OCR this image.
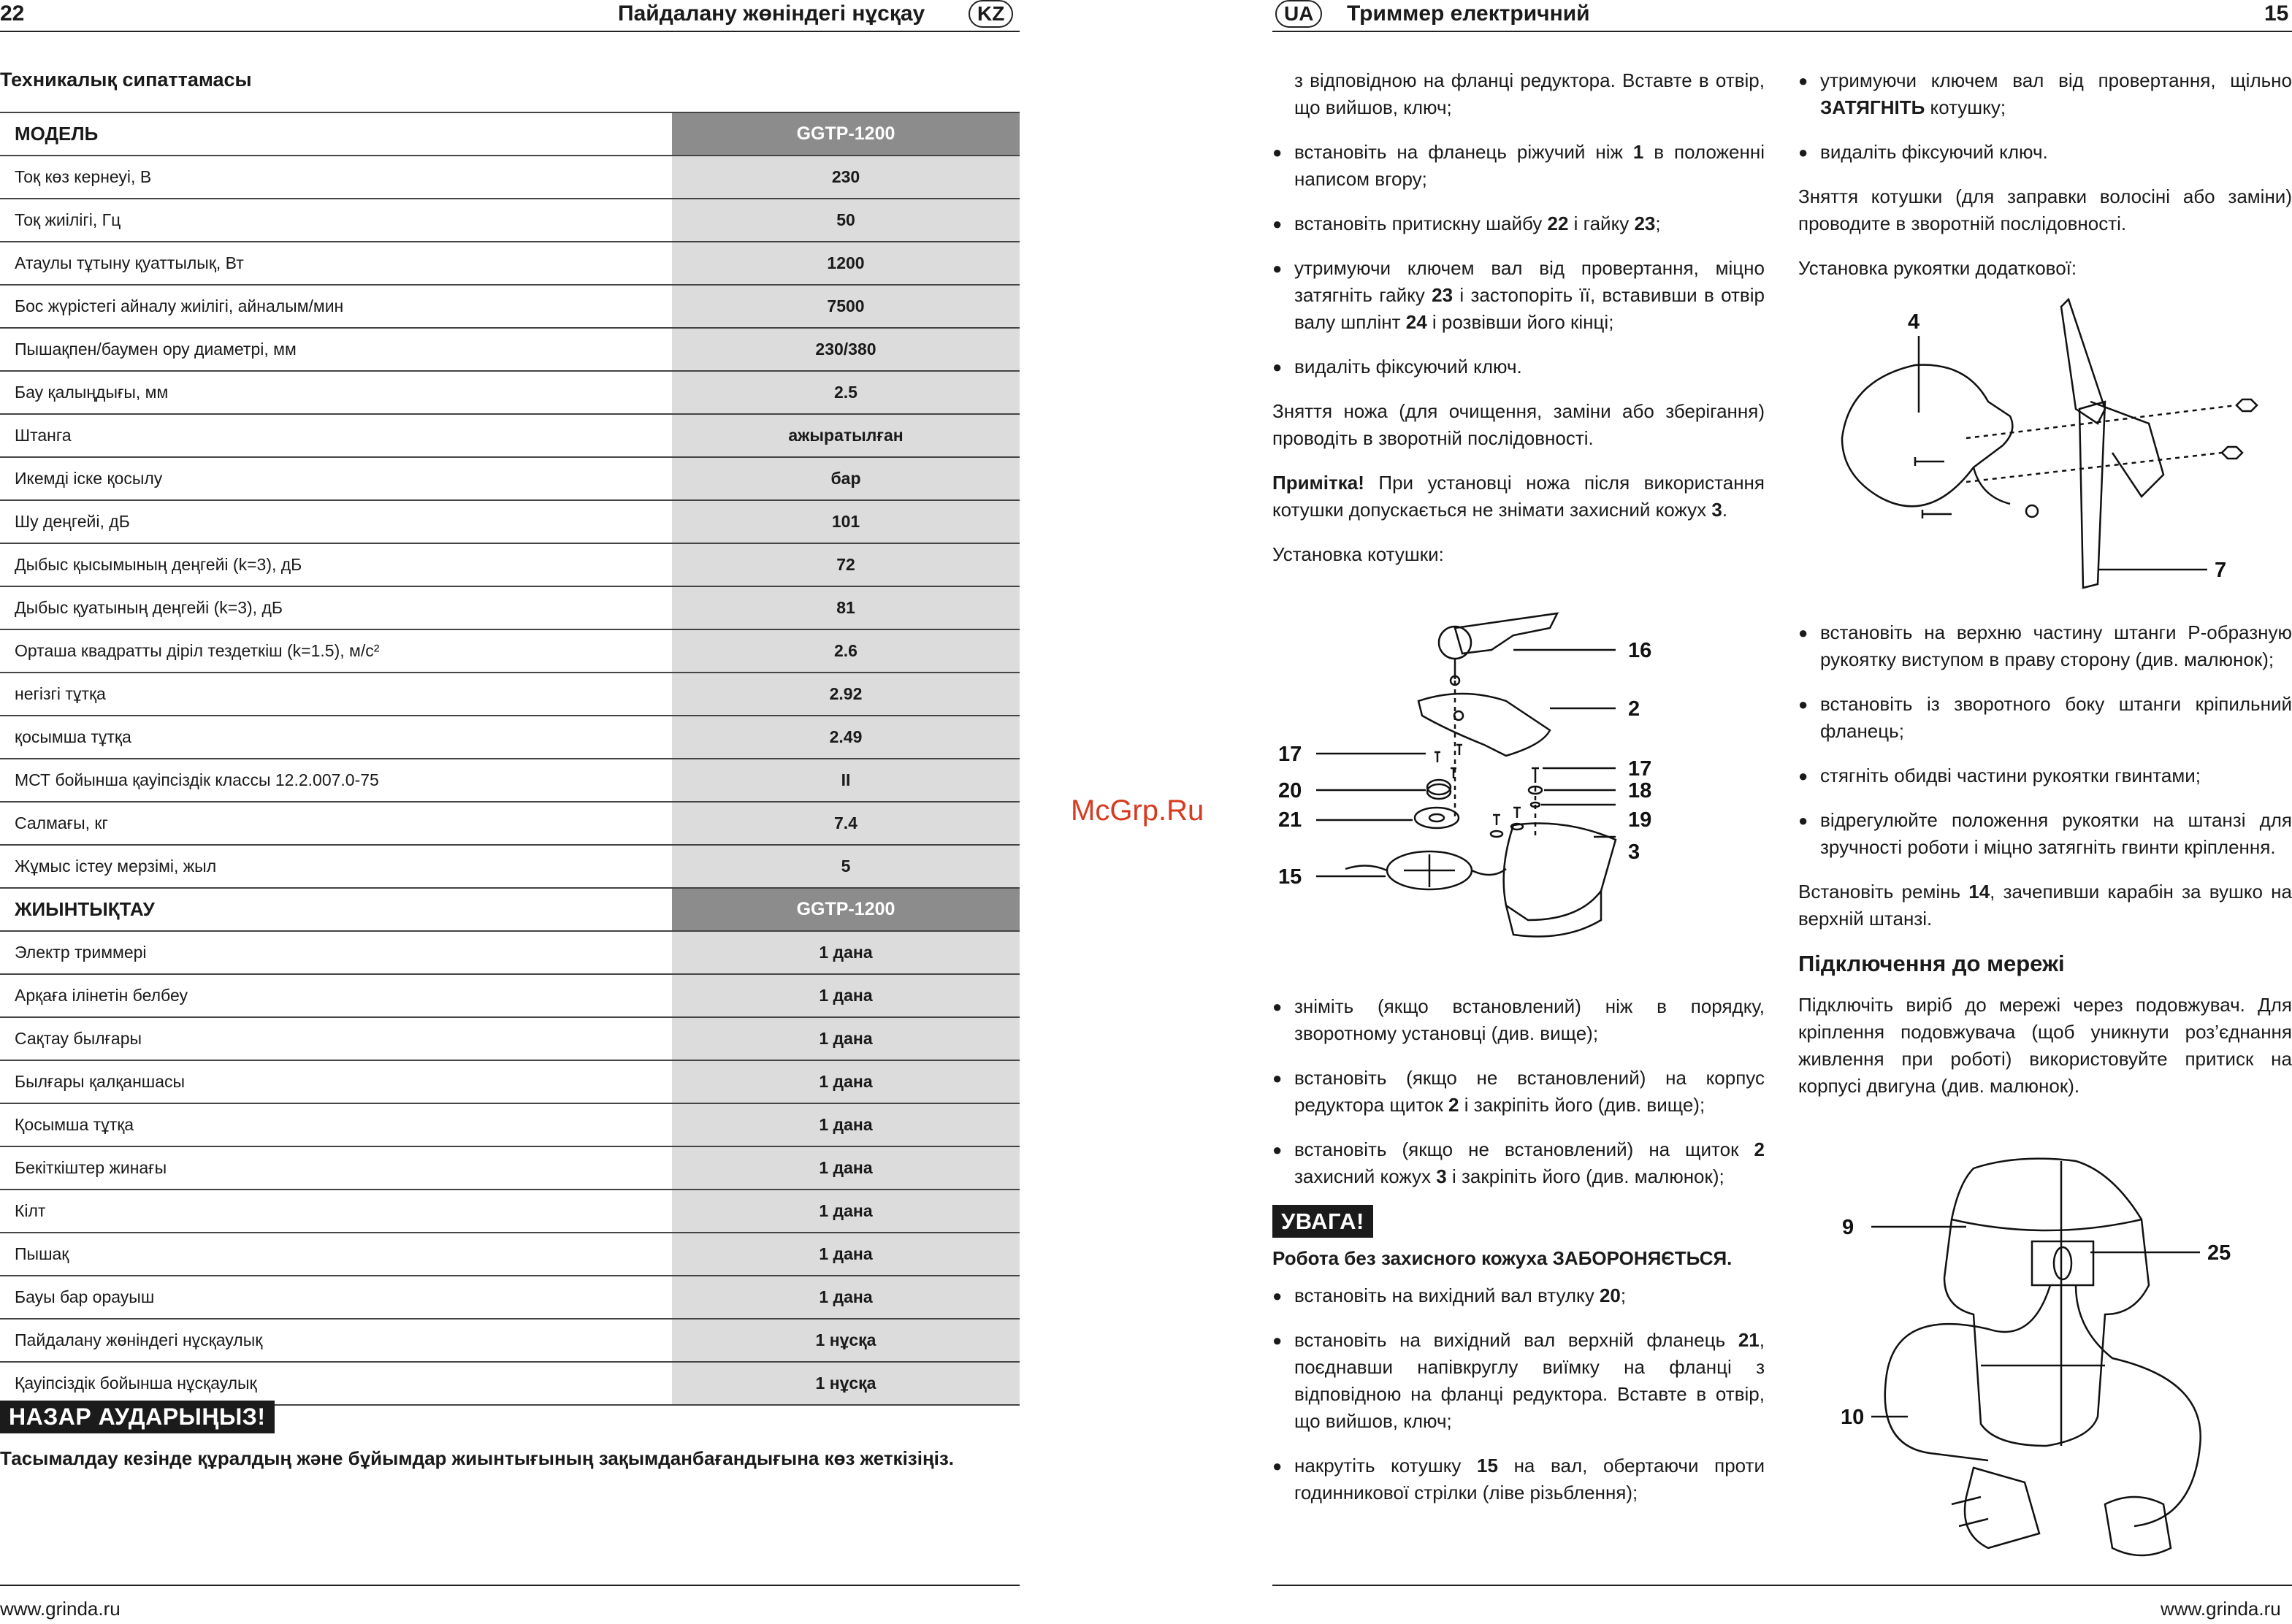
22	Пайдалану жөніндегі нұсқау	KZ
Техникалық сипаттамасы
МОДЕЛЬ	GGTP-1200
Тоқ көз кернеуі, В	230
Тоқ жиілігі, Гц	50
Атаулы тұтыну қуаттылық, Вт	1200
Бос жүрістегі айналу жиілігі, айналым/мин	7500
Пышақпен/баумен ору диаметрі, мм	230/380
Бау қалыңдығы, мм	2.5
Штанга	ажыратылған
Икемді іске қосылу	бар
Шу деңгейі, дБ	101
Дыбыс қысымының деңгейі (k=3), дБ	72
Дыбыс қуатының деңгейі (k=3), дБ	81
Орташа квадратты діріл тездеткіш (k=1.5), м/с²	2.6
негізгі тұтқа	2.92
қосымша тұтқа	2.49
МСТ бойынша қауіпсіздік классы 12.2.007.0-75	II
Салмағы, кг	7.4
Жұмыс істеу мерзімі, жыл	5
ЖИЫНТЫҚТАУ	GGTP-1200
Электр триммері	1 дана
Арқаға ілінетін белбеу	1 дана
Сақтау былғары	1 дана
Былғары қалқаншасы	1 дана
Қосымша тұтқа	1 дана
Бекіткіштер жинағы	1 дана
Кілт	1 дана
Пышақ	1 дана
Бауы бар орауыш	1 дана
Пайдалану жөніндегі нұсқаулық	1 нұсқа
Қауіпсіздік бойынша нұсқаулық	1 нұсқа
НАЗАР АУДАРЫҢЫЗ!
Тасымалдау кезінде құралдың және бұйымдар жиынтығының зақымданбағандығына көз жеткізіңіз.
www.grinda.ru
McGrp.Ru
UA	Триммер електричний	15

з відповідною на фланці редуктора. Вставте в отвір, що вийшов, ключ;

● встановіть на фланець ріжучий ніж 1 в положенні написом вгору;
● встановіть притискну шайбу 22 і гайку 23;
● утримуючи ключем вал від провертання, міцно затягніть гайку 23 і застопоріть її, вставивши в отвір валу шплінт 24 і розвівши його кінці;
● видаліть фіксуючий ключ.

Зняття ножа (для очищення, заміни або зберігання) проводіть в зворотній послідовності.

Примітка! При установці ножа після використання котушки допускається не знімати захисний кожух 3.

Установка котушки:

16
2
17
17
20	18
21	19
15
3
● зніміть (якщо встановлений) ніж в порядку, зворотному установці (див. вище);
● встановіть (якщо не встановлений) на корпус редуктора щиток 2 і закріпіть його (див. вище);
● встановіть (якщо не встановлений) на щиток 2 захисний кожух 3 і закріпіть його (див. малюнок);
УВАГА!

Робота без захисного кожуха ЗАБОРОНЯЄТЬСЯ.

● встановіть на вихідний вал втулку 20;
● встановіть на вихідний вал верхній фланець 21, поєднавши напівкруглу виїмку на фланці з відповідною на фланці редуктора. Вставте в отвір, що вийшов, ключ;
● накрутіть котушку 15 на вал, обертаючи проти годинникової стрілки (ліве різьблення);
● утримуючи ключем вал від провертання, щільно ЗАТЯГНІТЬ котушку;
● видаліть фіксуючий ключ.

Зняття котушки (для заправки волосіні або заміни) проводите в зворотній послідовності.

Установка рукоятки додаткової:

4
7
● встановіть на верхню частину штанги Р-образную рукоятку виступом в праву сторону (див. малюнок);
● встановіть із зворотного боку штанги кріпильний фланець;
● стягніть обидві частини рукоятки гвинтами;
● відрегулюйте положення рукоятки на штанзі для зручності роботи і міцно затягніть гвинти кріплення.

Встановіть ремінь 14, зачепивши карабін за вушко на верхній штанзі.

Підключення до мережі

Підключіть виріб до мережі через подовжувач. Для кріплення подовжувача (щоб уникнути роз’єднання живлення при роботі) використовуйте притиск на корпусі двигуна (див. малюнок).

9
25
10
www.grinda.ru
